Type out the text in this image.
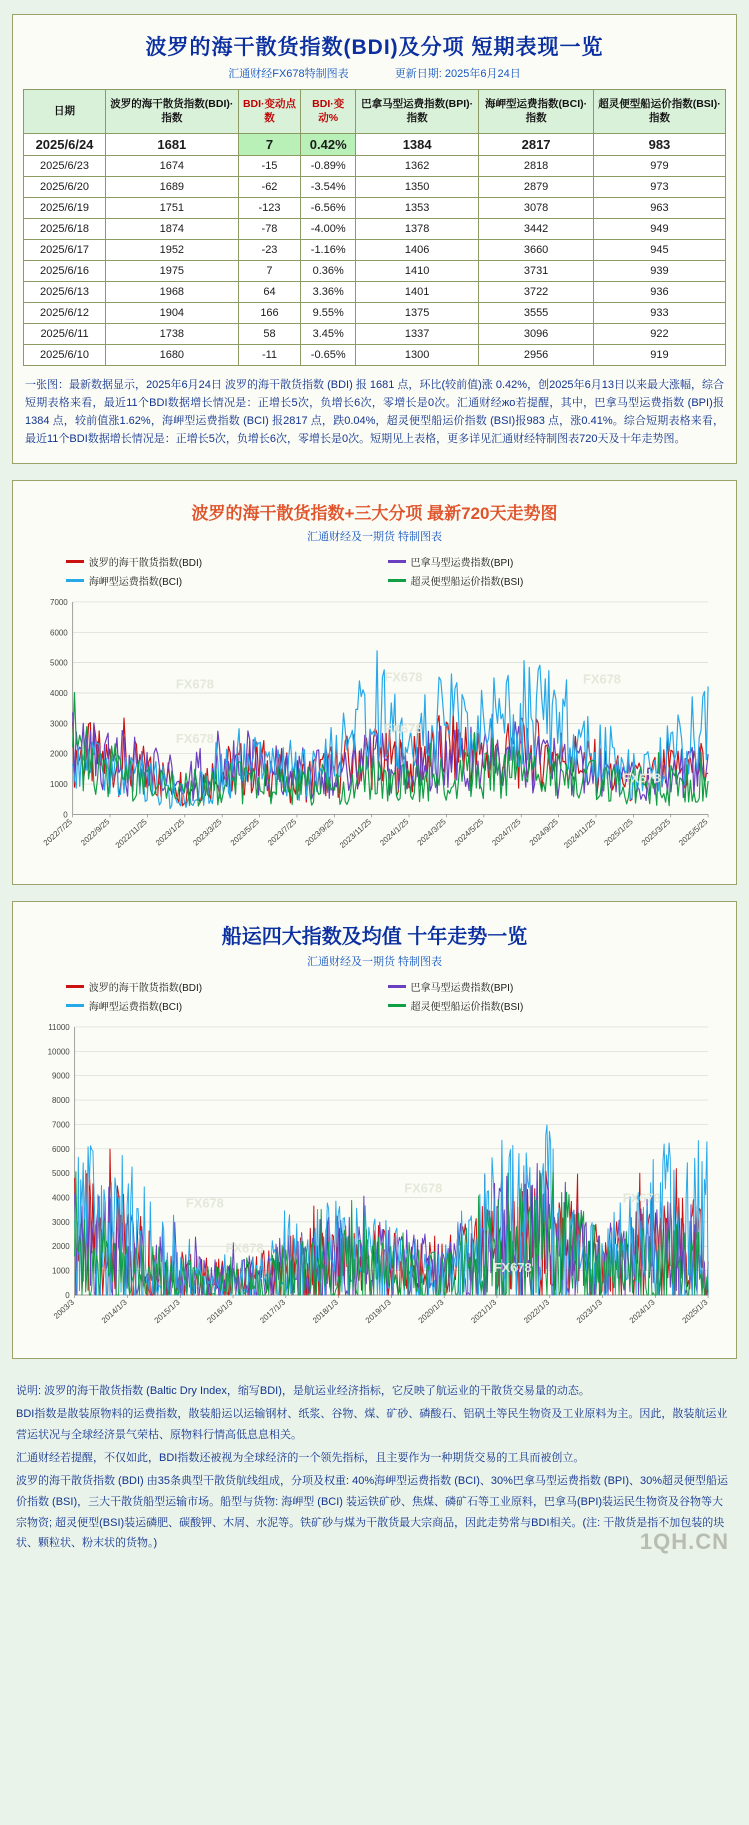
波罗的海干散货指数(BDI)及分项 短期表现一览
汇通财经FX678特制图表	更新日期: 2025年6月24日
日期	波罗的海干散货指数(BDI)·指数	BDI·变动点数	BDI·变动%	巴拿马型运费指数(BPI)·指数	海岬型运费指数(BCI)·指数	超灵便型船运价指数(BSI)·指数
2025/6/24	1681	7	0.42%	1384	2817	983
2025/6/23	1674	-15	-0.89%	1362	2818	979
2025/6/20	1689	-62	-3.54%	1350	2879	973
2025/6/19	1751	-123	-6.56%	1353	3078	963
2025/6/18	1874	-78	-4.00%	1378	3442	949
2025/6/17	1952	-23	-1.16%	1406	3660	945
2025/6/16	1975	7	0.36%	1410	3731	939
2025/6/13	1968	64	3.36%	1401	3722	936
2025/6/12	1904	166	9.55%	1375	3555	933
2025/6/11	1738	58	3.45%	1337	3096	922
2025/6/10	1680	-11	-0.65%	1300	2956	919
一张图：最新数据显示，2025年6月24日 波罗的海干散货指数 (BDI) 报 1681 点，环比(较前值)涨 0.42%，创2025年6月13日以来最大涨幅，综合短期表格来看，最近11个BDI数据增长情况是：正增长5次，负增长6次，零增长是0次。汇通财经жо若提醒，其中，巴拿马型运费指数 (BPI)报1384 点，较前值涨1.62%，海岬型运费指数 (BCI) 报2817 点，跌0.04%，超灵便型船运价指数 (BSI)报983 点，涨0.41%。综合短期表格来看，最近11个BDI数据增长情况是：正增长5次，负增长6次，零增长是0次。短期见上表格，更多详见汇通财经特制图表720天及十年走势图。
波罗的海干散货指数+三大分项 最新720天走势图
汇通财经及一期货 特制图表
波罗的海干散货指数(BDI)	巴拿马型运费指数(BPI)
海岬型运费指数(BCI)	超灵便型船运价指数(BSI)
0
1000
2000
3000
4000
5000
6000
7000
2022/7/25 2022/9/25 2022/11/25 2023/1/25 2023/3/25 2023/5/25 2023/7/25 2023/9/25 2023/11/25 2024/1/25 2024/3/25 2024/5/25 2024/7/25 2024/9/25 2024/11/25 2025/1/25 2025/3/25 2025/5/25
FX678	FX678	FX678
FX678
FX678
FX678
船运四大指数及均值 十年走势一览
汇通财经及一期货 特制图表
波罗的海干散货指数(BDI)	巴拿马型运费指数(BPI)
海岬型运费指数(BCI)	超灵便型船运价指数(BSI)
0
1000
2000
3000
4000
5000
6000
7000
8000
9000
10000
11000
2003/3	2014/1/3	2015/1/3	2016/1/3	2017/1/3	2018/1/3	2019/1/3	2020/1/3	2021/1/3	2022/1/3	2023/1/3	2024/1/3	2025/1/3
FX678
FX678
FX678
FX678
FX678

说明: 波罗的海干散货指数 (Baltic Dry Index，缩写BDI)，是航运业经济指标，它反映了航运业的干散货交易量的动态。

BDI指数是散装原物料的运费指数，散装船运以运输钢材、纸浆、谷物、煤、矿砂、磷酸石、铝矾土等民生物资及工业原料为主。因此，散装航运业营运状况与全球经济景气荣枯、原物料行情高低息息相关。

汇通财经若提醒，不仅如此，BDI指数还被视为全球经济的一个领先指标，且主要作为一种期货交易的工具而被创立。

波罗的海干散货指数 (BDI) 由35条典型干散货航线组成，分项及权重: 40%海岬型运费指数 (BCI)、30%巴拿马型运费指数 (BPI)、30%超灵便型船运价指数 (BSI)，三大干散货船型运输市场。船型与货物: 海岬型 (BCI) 装运铁矿砂、焦煤、磷矿石等工业原料，巴拿马(BPI)装运民生物资及谷物等大宗物资; 超灵便型(BSI)装运磷肥、碳酸钾、木屑、水泥等。铁矿砂与煤为干散货最大宗商品，因此走势常与BDI相关。(注: 干散货是指不加包装的块状、颗粒状、粉末状的货物。)	1QH.CN
